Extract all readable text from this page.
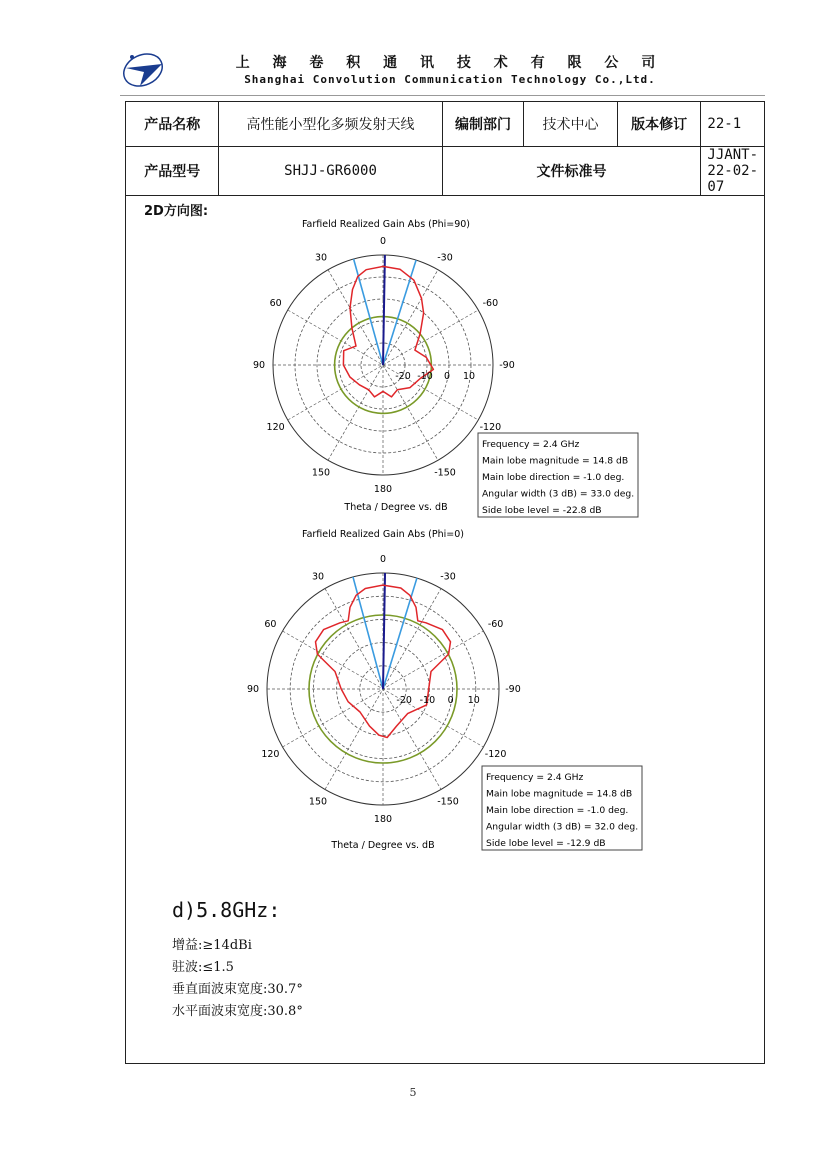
上 海 卷 积 通 讯 技 术 有 限 公 司
Shanghai Convolution Communication Technology Co.,Ltd.
产品名称	高性能小型化多频发射天线	编制部门	技术中心	版本修订	22-1
产品型号	SHJJ-GR6000	文件标准号			JJANT-22-02-07
2D方向图:
Farfield Realized Gain Abs (Phi=90)
Theta / Degree vs. dB
0
30	-30
60	-60
90	-90
120	-120
150	-150
180
-20 -10 0 10
Frequency = 2.4 GHz
Main lobe magnitude = 14.8 dB
Main lobe direction = -1.0 deg.
Angular width (3 dB) = 33.0 deg.
Side lobe level = -22.8 dB
Farfield Realized Gain Abs (Phi=0)
Theta / Degree vs. dB
0
30	-30
60	-60
90	-90
120	-120
150	-150
180
-20 -10 0 10
Frequency = 2.4 GHz
Main lobe magnitude = 14.8 dB
Main lobe direction = -1.0 deg.
Angular width (3 dB) = 32.0 deg.
Side lobe level = -12.9 dB
d)5.8GHz:
增益:≥14dBi
驻波:≤1.5
垂直面波束宽度:30.7°
水平面波束宽度:30.8°
5
